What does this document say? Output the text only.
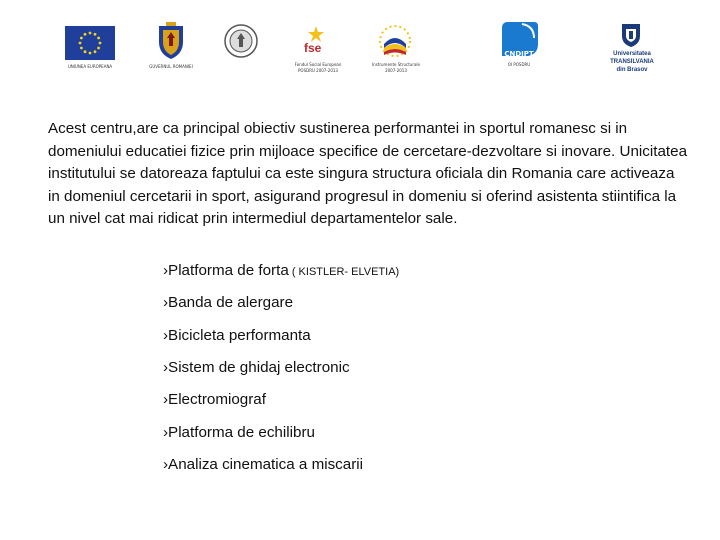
UNIUNEA EUROPEANA	GUVERNUL ROMANIEI
fse
Fondul Social European
POSDRU 2007-2013
Instrumente Structurale
2007-2013
CNDIPT
OI POSDRU
Universitatea
TRANSILVANIA
din Brasov
Acest centru,are ca principal obiectiv sustinerea performantei in sportul romanesc si in domeniului educatiei fizice prin mijloace specifice de cercetare-dezvoltare si inovare. Unicitatea institutului se datoreaza faptului ca este singura structura oficiala din Romania care activeaza in domeniul cercetarii in sport, asigurand progresul in domeniu si oferind asistenta stiintifica la un nivel cat mai ridicat prin intermediul departamentelor sale.
›Platforma de forta ( KISTLER- ELVETIA)
›Banda de alergare
›Bicicleta performanta
›Sistem de ghidaj electronic
›Electromiograf
›Platforma de echilibru
›Analiza cinematica a miscarii
